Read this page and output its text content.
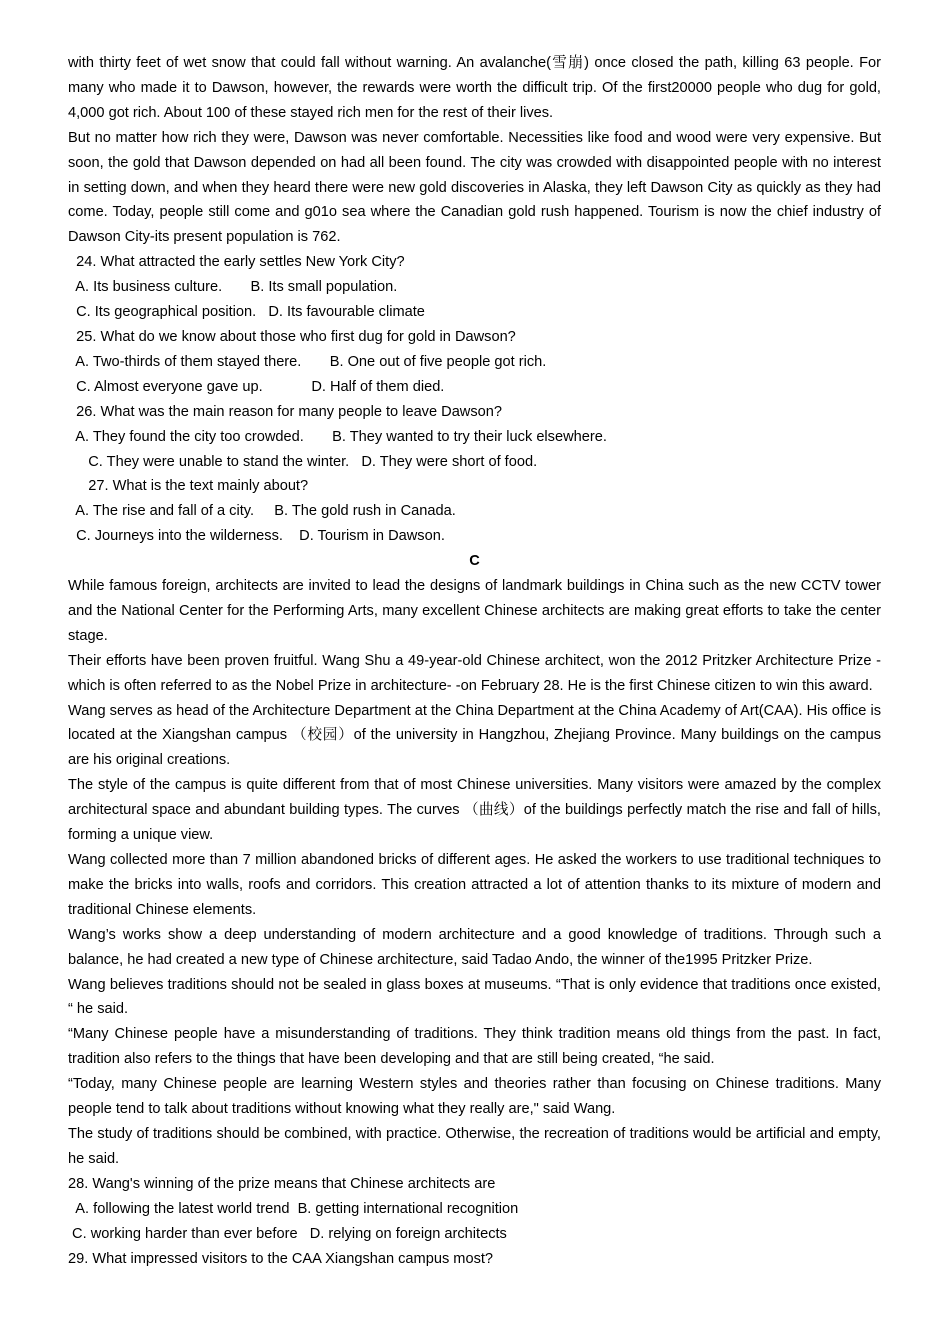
with thirty feet of wet snow that could fall without warning. An avalanche(雪崩) once closed the path, killing 63 people. For many who made it to Dawson, however, the rewards were worth the difficult trip. Of the first20000 people who dug for gold, 4,000 got rich. About 100 of these stayed rich men for the rest of their lives.

But no matter how rich they were, Dawson was never comfortable. Necessities like food and wood were very expensive. But soon, the gold that Dawson depended on had all been found. The city was crowded with disappointed people with no interest in setting down, and when they heard there were new gold discoveries in Alaska, they left Dawson City as quickly as they had come. Today, people still come and g01o sea where the Canadian gold rush happened. Tourism is now the chief industry of Dawson City-its present population is 762.

24. What attracted the early settles New York City?

A. Its business culture.       B. Its small population.

C. Its geographical position.   D. Its favourable climate

25. What do we know about those who first dug for gold in Dawson?

A. Two-thirds of them stayed there.       B. One out of five people got rich.

C. Almost everyone gave up.            D. Half of them died.

26. What was the main reason for many people to leave Dawson?

A. They found the city too crowded.       B. They wanted to try their luck elsewhere.

C. They were unable to stand the winter.   D. They were short of food.

27. What is the text mainly about?

A. The rise and fall of a city.     B. The gold rush in Canada.

C. Journeys into the wilderness.    D. Tourism in Dawson.

C

While famous foreign, architects are invited to lead the designs of landmark buildings in China such as the new CCTV tower and the National Center for the Performing Arts, many excellent Chinese architects are making great efforts to take the center stage.

Their efforts have been proven fruitful. Wang Shu a 49-year-old Chinese architect, won the 2012 Pritzker Architecture Prize -which is often referred to as the Nobel Prize in architecture- -on February 28. He is the first Chinese citizen to win this award.

Wang serves as head of the Architecture Department at the China Department at the China Academy of Art(CAA). His office is located at the Xiangshan campus （校园）of the university in Hangzhou, Zhejiang Province. Many buildings on the campus are his original creations.

The style of the campus is quite different from that of most Chinese universities. Many visitors were amazed by the complex architectural space and abundant building types. The curves （曲线）of the buildings perfectly match the rise and fall of hills, forming a unique view.

Wang collected more than 7 million abandoned bricks of different ages. He asked the workers to use traditional techniques to make the bricks into walls, roofs and corridors. This creation attracted a lot of attention thanks to its mixture of modern and traditional Chinese elements.

Wang’s works show a deep understanding of modern architecture and a good knowledge of traditions. Through such a balance, he had created a new type of Chinese architecture, said Tadao Ando, the winner of the1995 Pritzker Prize.

Wang believes traditions should not be sealed in glass boxes at museums. “That is only evidence that traditions once existed, “ he said.

“Many Chinese people have a misunderstanding of traditions. They think tradition means old things from the past. In fact, tradition also refers to the things that have been developing and that are still being created, “he said.

“Today, many Chinese people are learning Western styles and theories rather than focusing on Chinese traditions. Many people tend to talk about traditions without knowing what they really are," said Wang.

The study of traditions should be combined, with practice. Otherwise, the recreation of traditions would be artificial and empty, he said.

28. Wang's winning of the prize means that Chinese architects are

A. following the latest world trend  B. getting international recognition

C. working harder than ever before   D. relying on foreign architects

29. What impressed visitors to the CAA Xiangshan campus most?
